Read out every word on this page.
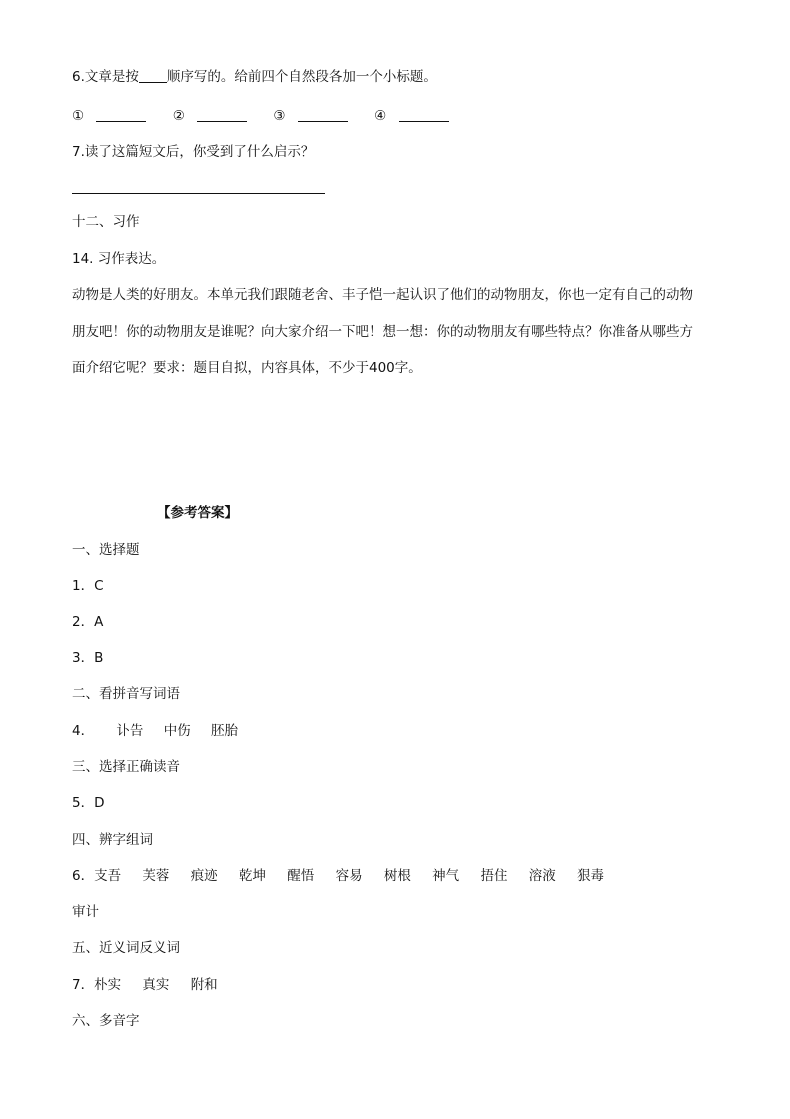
6.文章是按 顺序写的。给前四个自然段各加一个小标题。
①	②	③	④
7.读了这篇短文后，你受到了什么启示？
十二、习作
14. 习作表达。
动物是人类的好朋友。本单元我们跟随老舍、丰子恺一起认识了他们的动物朋友，你也一定有自己的动物
朋友吧！你的动物朋友是谁呢？向大家介绍一下吧！想一想：你的动物朋友有哪些特点？你准备从哪些方
面介绍它呢？要求：题目自拟，内容具体，不少于400字。
【参考答案】
一、选择题
1．C
2．A
3．B
二、看拼音写词语
4． 讣告 中伤 胚胎
三、选择正确读音
5．D
四、辨字组词
6．支吾 芙蓉 痕迹 乾坤 醒悟 容易 树根 神气 捂住 溶液 狠毒
审计
五、近义词反义词
7．朴实 真实 附和
六、多音字
